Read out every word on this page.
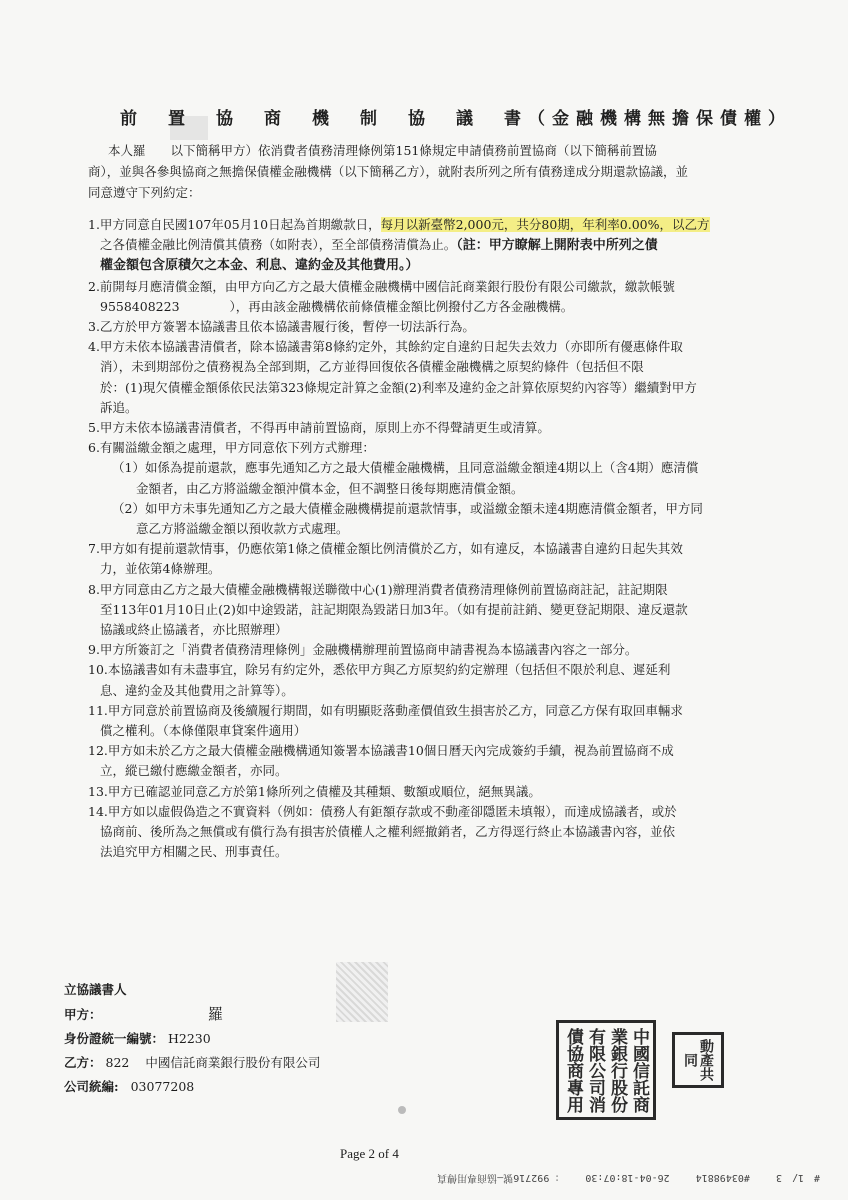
前　置　協　商　機　制　協　議　書（金融機構無擔保債權）
本人羅　　以下簡稱甲方）依消費者債務清理條例第151條規定申請債務前置協商（以下簡稱前置協
商），並與各參與協商之無擔保債權金融機構（以下簡稱乙方），就附表所列之所有債務達成分期還款協議，並
同意遵守下列約定：
1.甲方同意自民國107年05月10日起為首期繳款日，每月以新臺幣2,000元，共分80期，年利率0.00%，以乙方
之各債權金融比例清償其債務（如附表），至全部債務清償為止。（註：甲方瞭解上開附表中所列之債
權金額包含原積欠之本金、利息、違約金及其他費用。）
2.前開每月應清償金額，由甲方向乙方之最大債權金融機構中國信託商業銀行股份有限公司繳款，繳款帳號
9558408223　　　　），再由該金融機構依前條債權金額比例撥付乙方各金融機構。
3.乙方於甲方簽署本協議書且依本協議書履行後，暫停一切法訴行為。
4.甲方未依本協議書清償者，除本協議書第8條約定外，其餘約定自違約日起失去效力（亦即所有優惠條件取
消），未到期部份之債務視為全部到期，乙方並得回復依各債權金融機構之原契約條件（包括但不限
於：(1)現欠債權金額係依民法第323條規定計算之金額(2)利率及違約金之計算依原契約內容等）繼續對甲方
訴追。
5.甲方未依本協議書清償者，不得再申請前置協商，原則上亦不得聲請更生或清算。
6.有關溢繳金額之處理，甲方同意依下列方式辦理：
（1）如係為提前還款，應事先通知乙方之最大債權金融機構，且同意溢繳金額達4期以上（含4期）應清償
金額者，由乙方將溢繳金額沖償本金，但不調整日後每期應清償金額。
（2）如甲方未事先通知乙方之最大債權金融機構提前還款情事，或溢繳金額未達4期應清償金額者，甲方同
意乙方將溢繳金額以預收款方式處理。
7.甲方如有提前還款情事，仍應依第1條之債權金額比例清償於乙方，如有違反，本協議書自違約日起失其效
力，並依第4條辦理。
8.甲方同意由乙方之最大債權金融機構報送聯徵中心(1)辦理消費者債務清理條例前置協商註記，註記期限
至113年01月10日止(2)如中途毀諾，註記期限為毀諾日加3年。（如有提前註銷、變更登記期限、違反還款
協議或終止協議者，亦比照辦理）
9.甲方所簽訂之「消費者債務清理條例」金融機構辦理前置協商申請書視為本協議書內容之一部分。
10.本協議書如有未盡事宜，除另有約定外，悉依甲方與乙方原契約約定辦理（包括但不限於利息、遲延利
息、違約金及其他費用之計算等）。
11.甲方同意於前置協商及後續履行期間，如有明顯貶落動產價值致生損害於乙方，同意乙方保有取回車輛求
償之權利。（本條僅限車貸案件適用）
12.甲方如未於乙方之最大債權金融機構通知簽署本協議書10個日曆天內完成簽約手續，視為前置協商不成
立，縱已繳付應繳金額者，亦同。
13.甲方已確認並同意乙方於第1條所列之債權及其種類、數額或順位，絕無異議。
14.甲方如以虛假偽造之不實資料（例如：債務人有鉅額存款或不動產卻隱匿未填報），而達成協議者，或於
協商前、後所為之無償或有償行為有損害於債權人之權利經撤銷者，乙方得逕行終止本協議書內容，並依
法追究甲方相關之民、刑事責任。
立協議書人
甲方：	羅　　
身份證統一編號： H2230
乙方： 822 中國信託商業銀行股份有限公司
公司統編: 03077208	中國信託商業銀行股份有限公司消債協商專用	動產共同
Page 2 of 4
#　1/　3 #03498814 26-04-18:07:30 ：992716號—協商專用傳真
